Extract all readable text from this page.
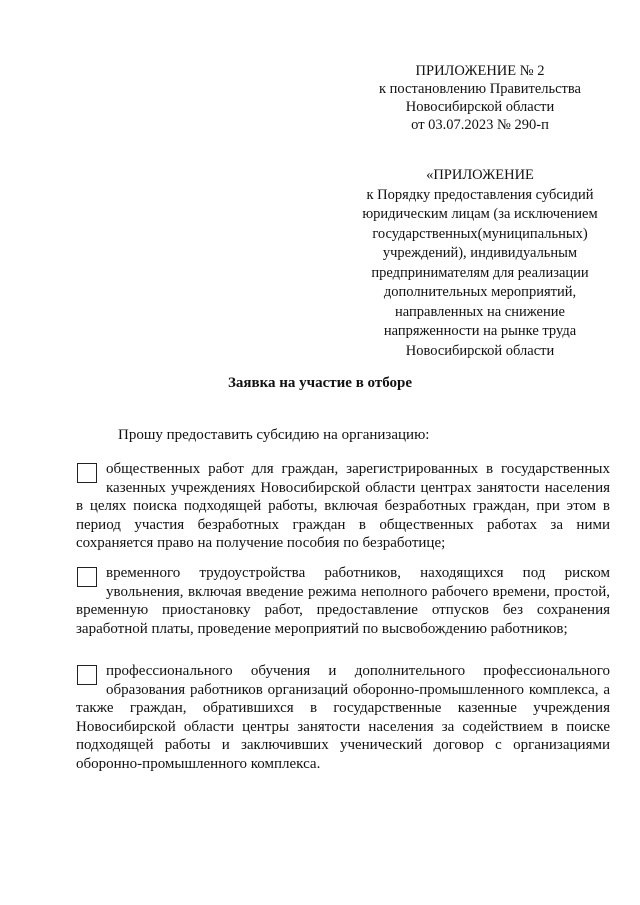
ПРИЛОЖЕНИЕ № 2
к постановлению Правительства
Новосибирской области
от 03.07.2023 № 290-п
«ПРИЛОЖЕНИЕ
к Порядку предоставления субсидий
юридическим лицам (за исключением
государственных(муниципальных)
учреждений), индивидуальным
предпринимателям для реализации
дополнительных мероприятий,
направленных на снижение
напряженности на рынке труда
Новосибирской области
Заявка на участие в отборе
Прошу предоставить субсидию на организацию:
общественных работ для граждан, зарегистрированных в государственных казенных учреждениях Новосибирской области центрах занятости населения в целях поиска подходящей работы, включая безработных граждан, при этом в период участия безработных граждан в общественных работах за ними сохраняется право на получение пособия по безработице;
временного трудоустройства работников, находящихся под риском увольнения, включая введение режима неполного рабочего времени, простой, временную приостановку работ, предоставление отпусков без сохранения заработной платы, проведение мероприятий по высвобождению работников;
профессионального обучения и дополнительного профессионального образования работников организаций оборонно-промышленного комплекса, а также граждан, обратившихся в государственные казенные учреждения Новосибирской области центры занятости населения за содействием в поиске подходящей работы и заключивших ученический договор с организациями оборонно-промышленного комплекса.
